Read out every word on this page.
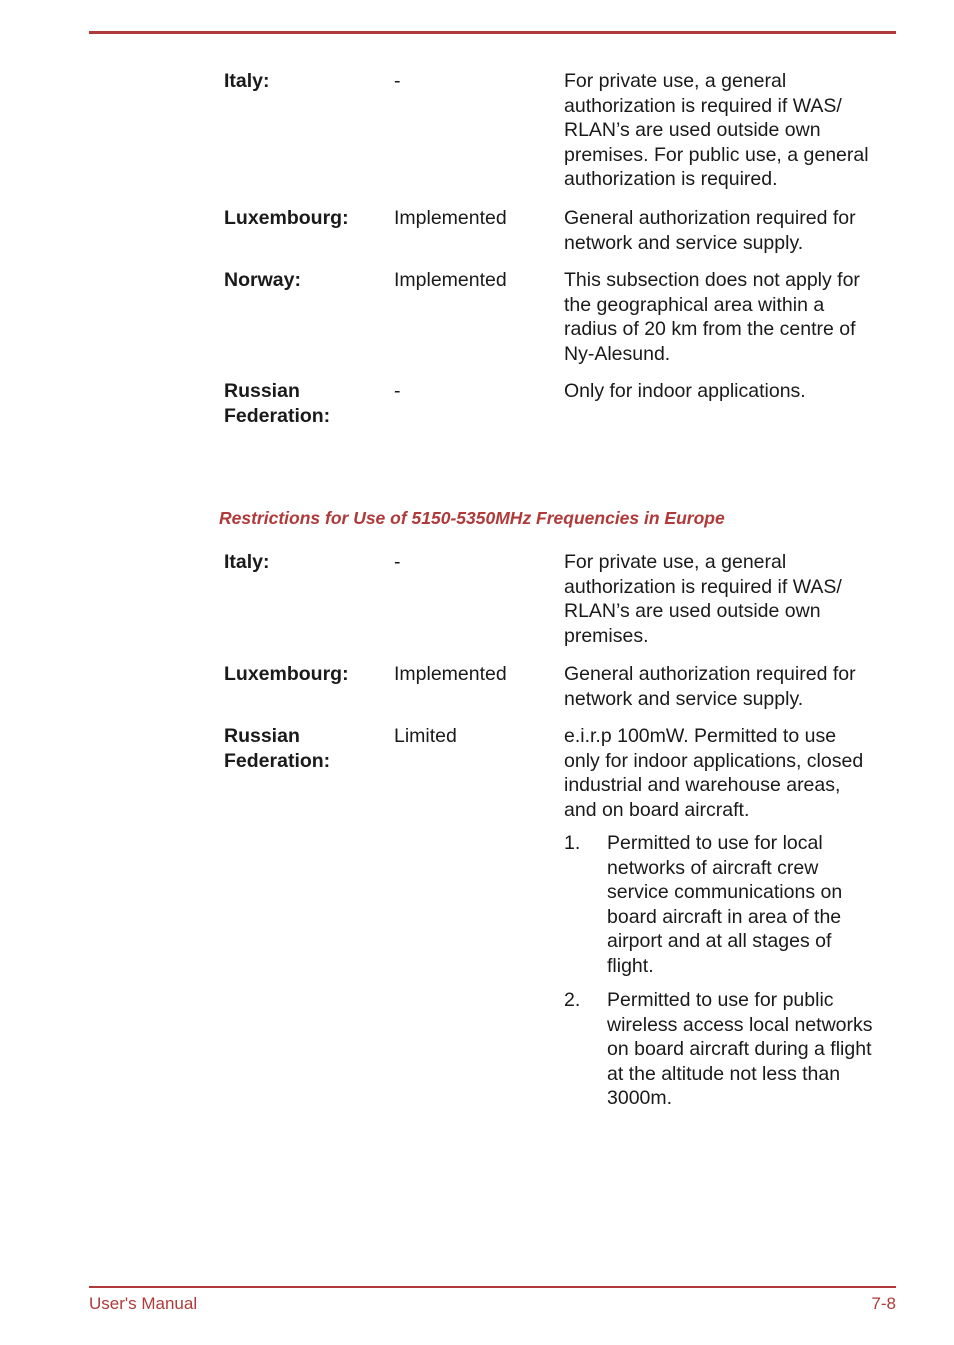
Italy:	-	For private use, a general
authorization is required if WAS/
RLAN’s are used outside own
premises. For public use, a general
authorization is required.
Luxembourg:	Implemented	General authorization required for
network and service supply.
Norway:	Implemented	This subsection does not apply for
the geographical area within a
radius of 20 km from the centre of
Ny-Alesund.
Russian
Federation:
-	Only for indoor applications.
Restrictions for Use of 5150-5350MHz Frequencies in Europe
Italy:	-	For private use, a general
authorization is required if WAS/
RLAN’s are used outside own
premises.
Luxembourg:	Implemented	General authorization required for
network and service supply.
Russian
Federation:
Limited	e.i.r.p 100mW. Permitted to use
only for indoor applications, closed
industrial and warehouse areas,
and on board aircraft.
1.	Permitted to use for local
networks of aircraft crew
service communications on
board aircraft in area of the
airport and at all stages of
flight.
2.	Permitted to use for public
wireless access local networks
on board aircraft during a flight
at the altitude not less than
3000m.
User's Manual	7-8
